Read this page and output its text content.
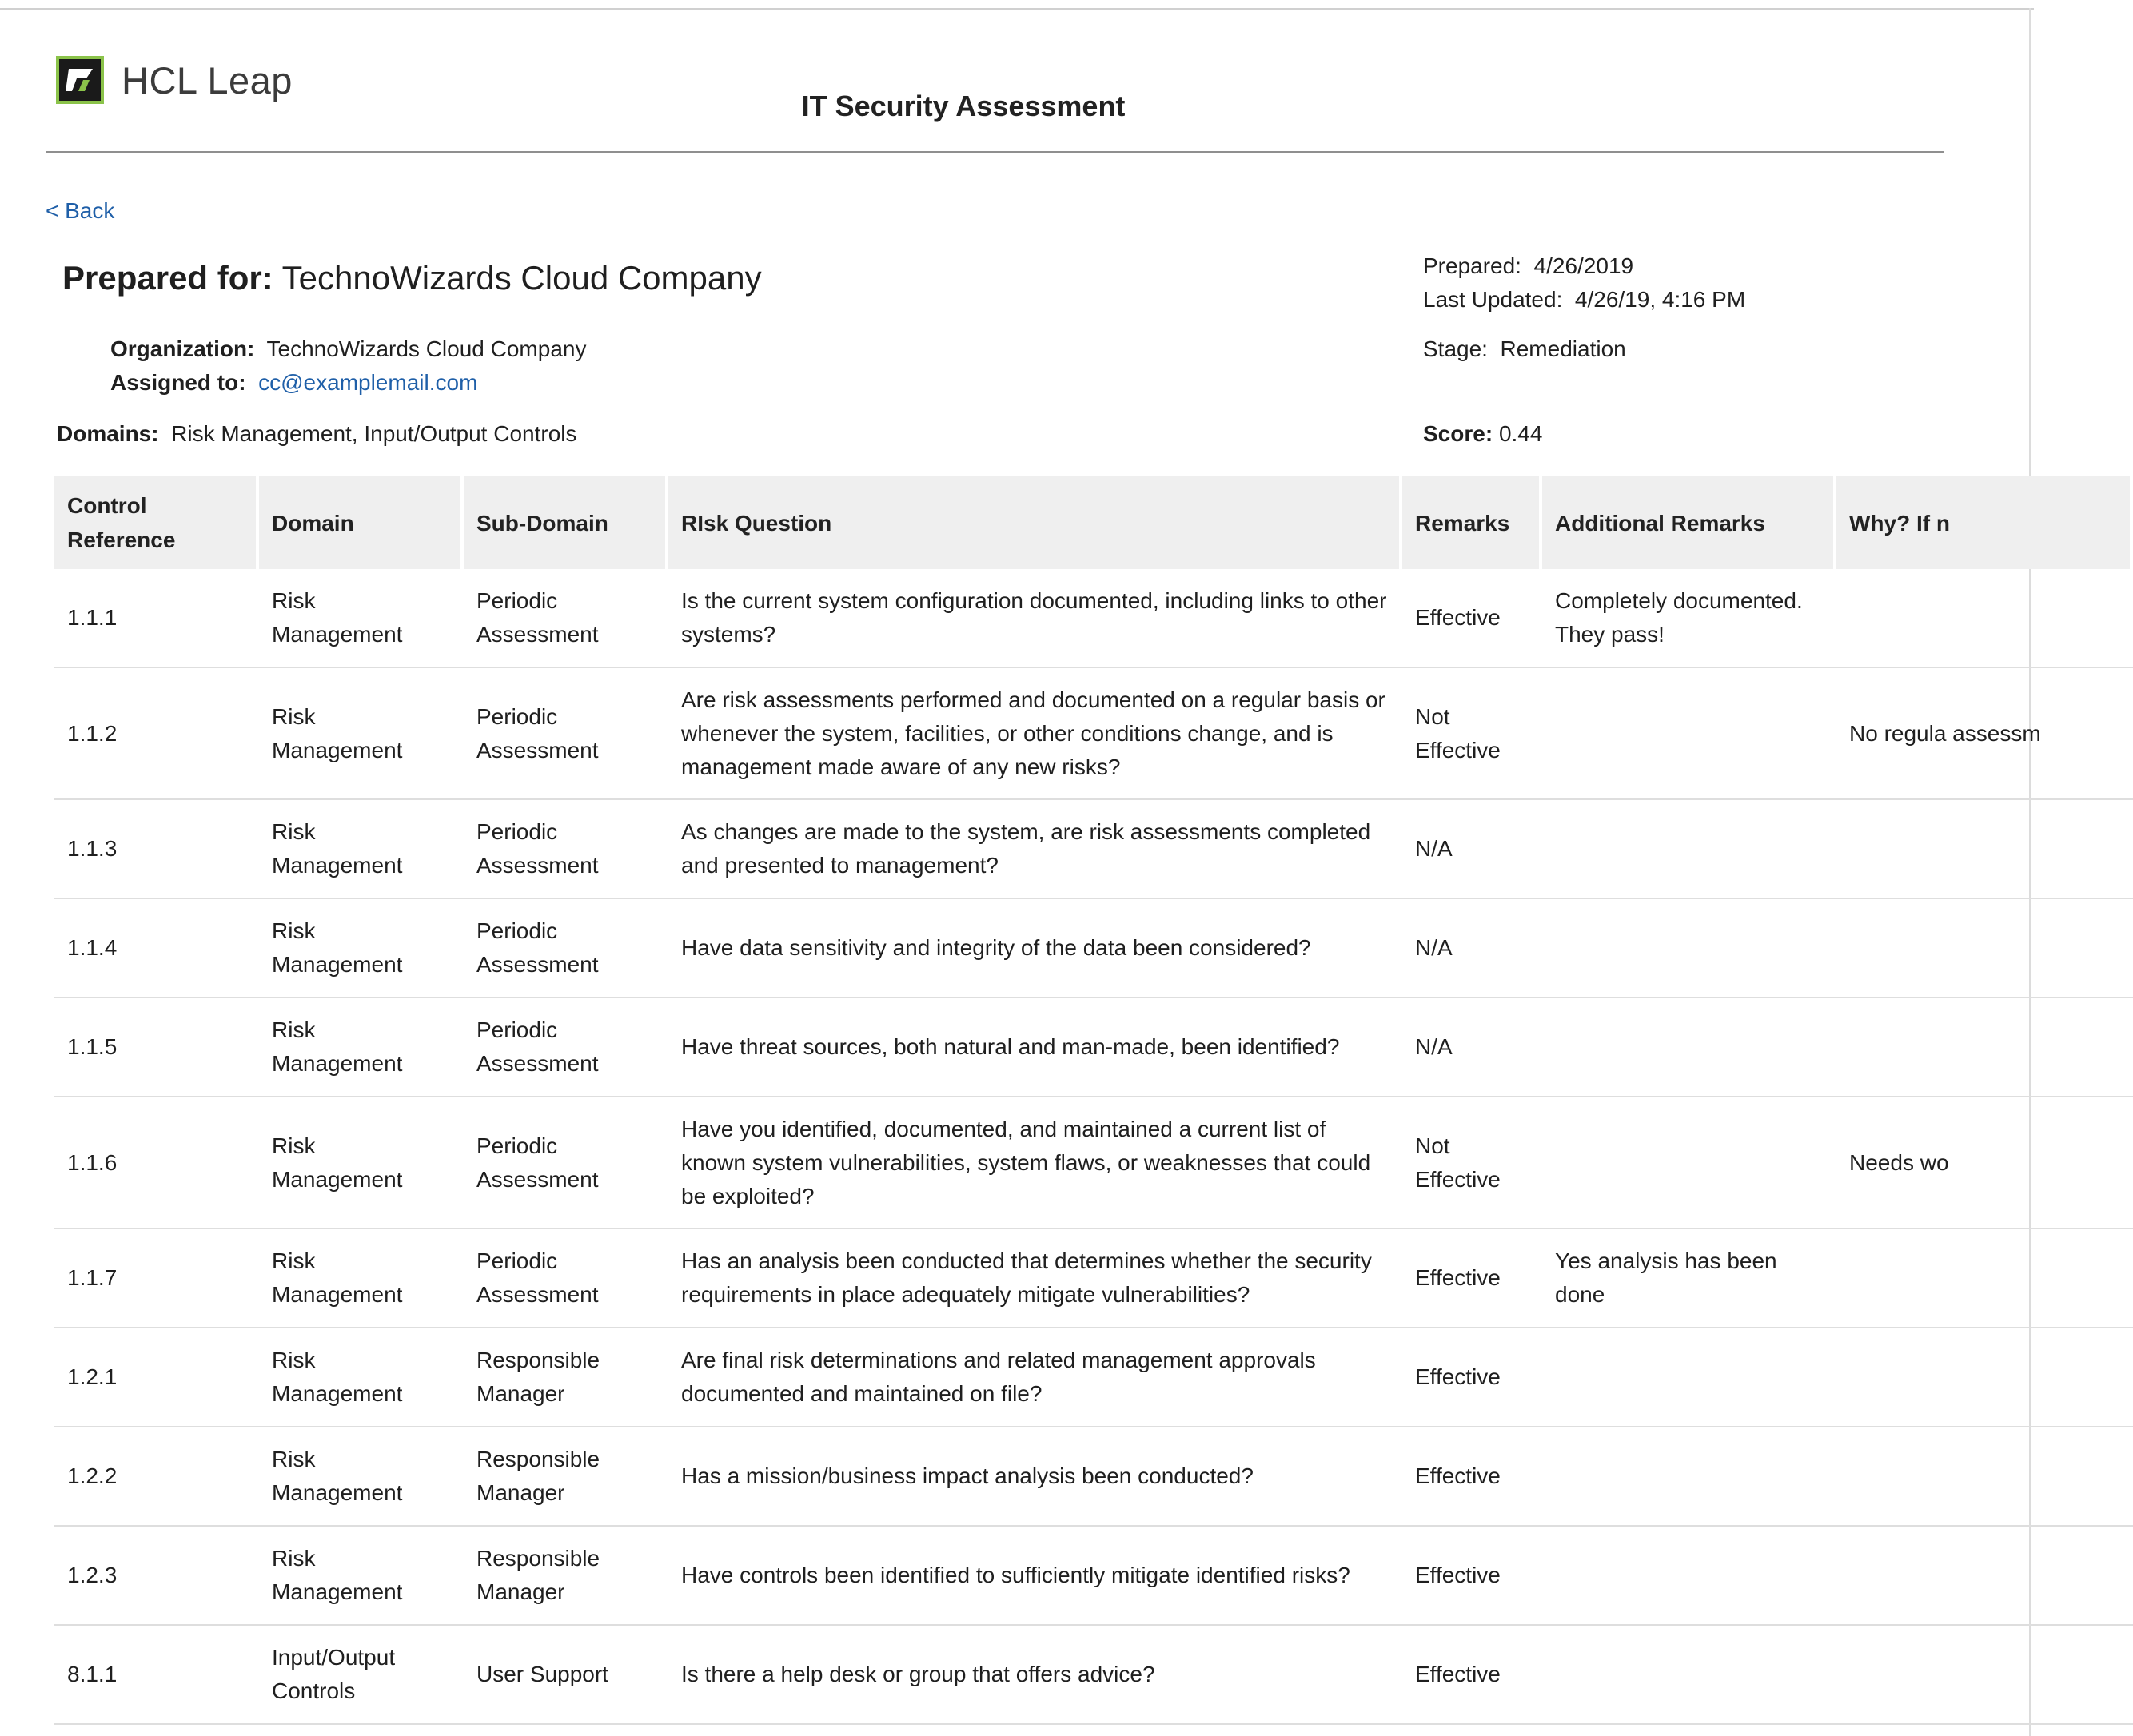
HCL Leap
IT Security Assessment
< Back
Prepared for: TechnoWizards Cloud Company
Organization: TechnoWizards Cloud Company
Assigned to: cc@examplemail.com
Domains: Risk Management, Input/Output Controls
Prepared: 4/26/2019
Last Updated: 4/26/19, 4:16 PM
Stage: Remediation
Score: 0.44
Control Reference	Domain	Sub-Domain	RIsk Question	Remarks	Additional Remarks	Why? If n
1.1.1	Risk Management	Periodic Assessment	Is the current system configuration documented, including links to other systems?	Effective	Completely documented. They pass!	
1.1.2	Risk Management	Periodic Assessment	Are risk assessments performed and documented on a regular basis or whenever the system, facilities, or other conditions change, and is management made aware of any new risks?	Not Effective		No regula assessm
1.1.3	Risk Management	Periodic Assessment	As changes are made to the system, are risk assessments completed and presented to management?	N/A		
1.1.4	Risk Management	Periodic Assessment	Have data sensitivity and integrity of the data been considered?	N/A		
1.1.5	Risk Management	Periodic Assessment	Have threat sources, both natural and man-made, been identified?	N/A		
1.1.6	Risk Management	Periodic Assessment	Have you identified, documented, and maintained a current list of known system vulnerabilities, system flaws, or weaknesses that could be exploited?	Not Effective		Needs wo
1.1.7	Risk Management	Periodic Assessment	Has an analysis been conducted that determines whether the security requirements in place adequately mitigate vulnerabilities?	Effective	Yes analysis has been done	
1.2.1	Risk Management	Responsible Manager	Are final risk determinations and related management approvals documented and maintained on file?	Effective		
1.2.2	Risk Management	Responsible Manager	Has a mission/business impact analysis been conducted?	Effective		
1.2.3	Risk Management	Responsible Manager	Have controls been identified to sufficiently mitigate identified risks?	Effective		
8.1.1	Input/Output Controls	User Support	Is there a help desk or group that offers advice?	Effective		
